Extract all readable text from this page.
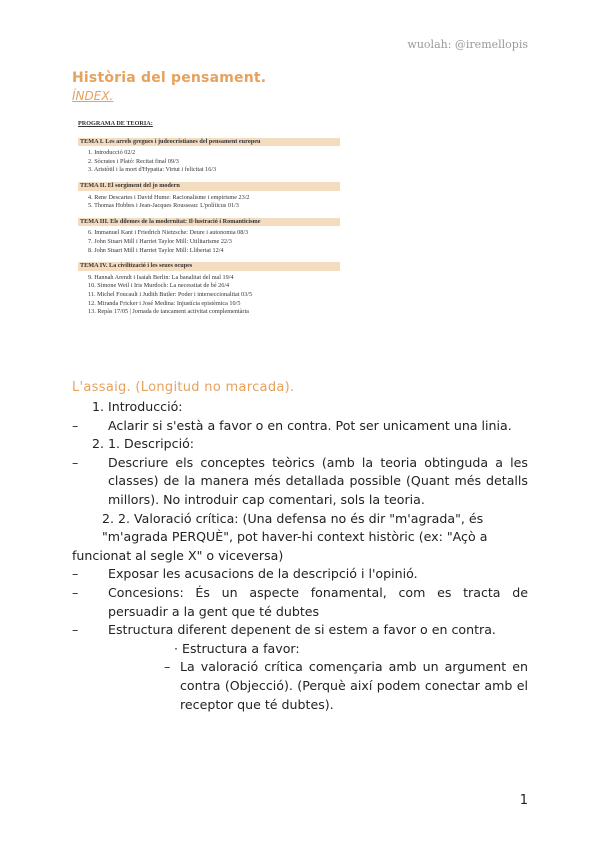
wuolah: @iremellopis
Història del pensament.
ÍNDEX.
PROGRAMA DE TEORIA:
TEMA I. Les arrels gregues i judeocristianes del pensament europeu
1. Introducció 02/2
2. Sòcrates i Plató: Recitat final 09/3
3. Aristòtil i la mort d'Hypatia: Virtut i felicitat 16/3
TEMA II. El sorgiment del jo modern
4. Rene Descartes i David Hume: Racionalisme i empirisme 23/2
5. Thomas Hobbes i Jean-Jacques Rousseau: L'políticus 01/3
TEMA III. Els dilemes de la modernitat: Il·lustració i Romanticisme
6. Immanuel Kant i Friedrich Nietzsche: Deure i autonomia 08/3
7. John Stuart Mill i Harriet Taylor Mill: Utilitarisme 22/3
8. John Stuart Mill i Harriet Taylor Mill: Llibertat 12/4
TEMA IV. La civilització i les seues ocupes
9. Hannah Arendt i Isaiah Berlin: La banalitat del mal 19/4
10. Simone Weil i Iris Murdoch: La necessitat de bé 26/4
11. Michel Foucault i Judith Butler: Poder i interseccionalitat 03/5
12. Miranda Fricker i José Medina: Injustícia epistèmica 10/5
13. Repàs 17/05 | Jornada de tancament activitat complementària
L'assaig. (Longitud no marcada).
1. Introducció:
–	Aclarir si s'està a favor o en contra. Pot ser unicament una linia.
2. 1. Descripció:
–	Descriure els conceptes teòrics (amb la teoria obtinguda a les classes) de la manera més detallada possible (Quant més detalls millors). No introduir cap comentari, sols la teoria.
2. 2. Valoració crítica: (Una defensa no és dir "m'agrada", és
"m'agrada PERQUÈ", pot haver-hi context històric (ex: "Açò a
funcionat al segle X" o viceversa)
–	Exposar les acusacions de la descripció i l'opinió.
–	Concesions: És un aspecte fonamental, com es tracta de persuadir a la gent que té dubtes
–	Estructura diferent depenent de si estem a favor o en contra.
· Estructura a favor:
– La valoració crítica començaria amb un argument en contra (Objecció). (Perquè així podem conectar amb el receptor que té dubtes).
1
